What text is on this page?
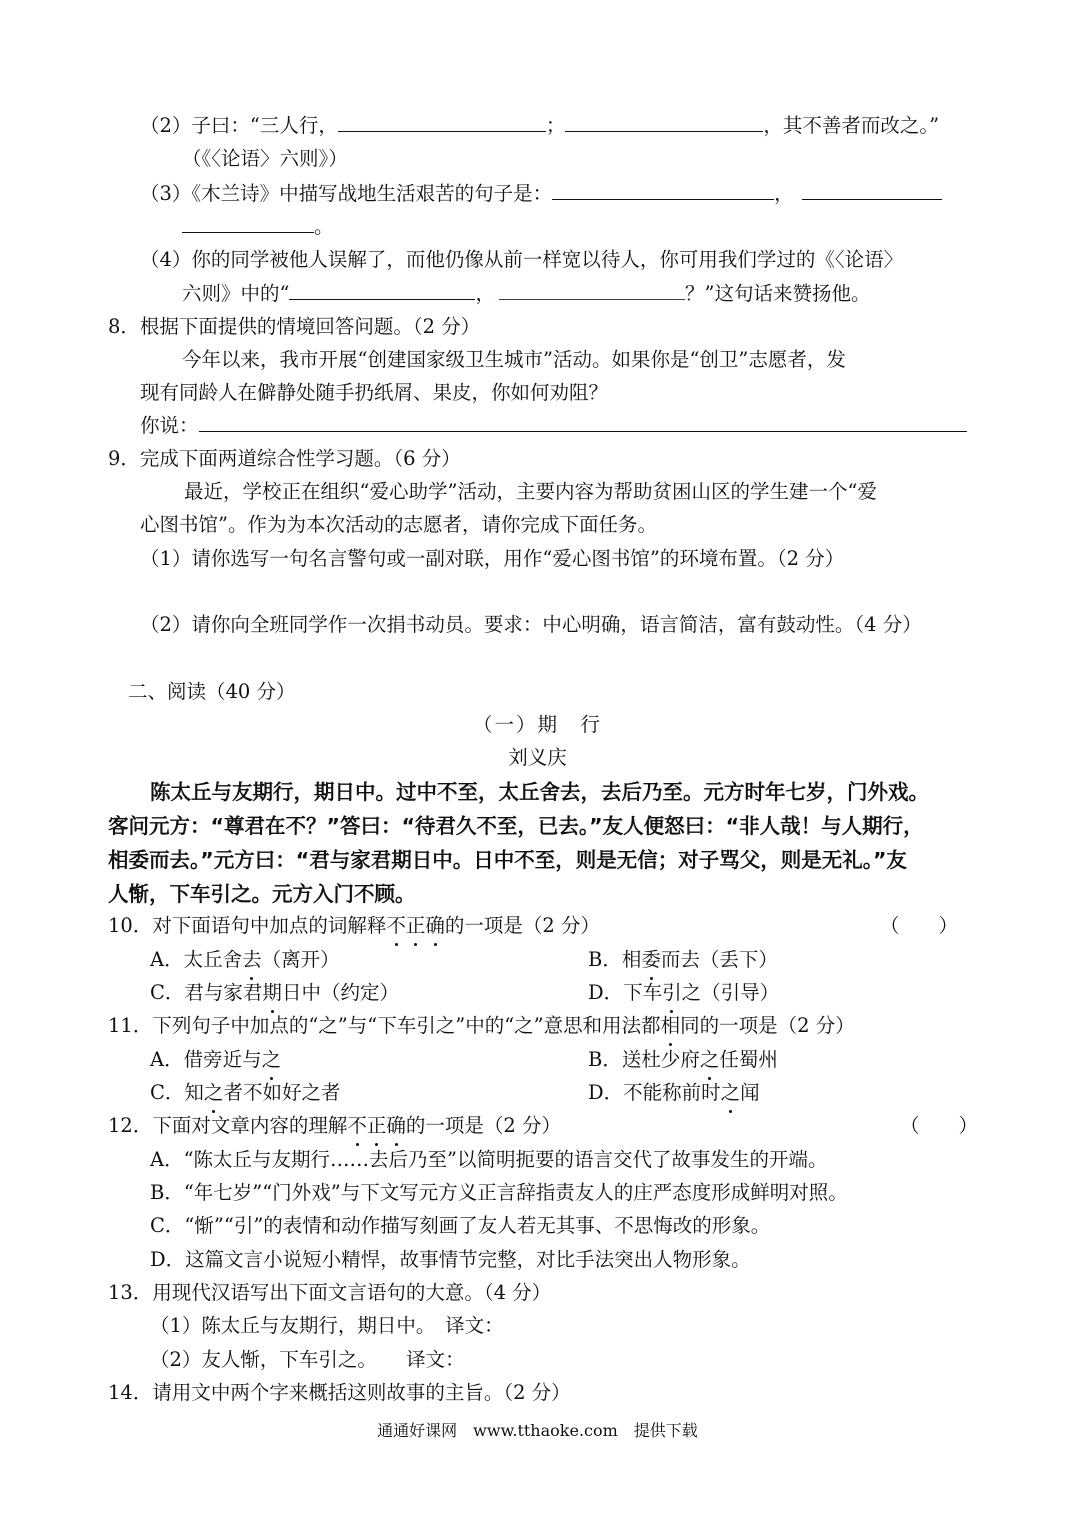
（2）子曰：“三人行，	；	，其不善者而改之。”
（《〈论语〉六则》）
（3）《木兰诗》中描写战地生活艰苦的句子是：	，
。
（4）你的同学被他人误解了，而他仍像从前一样宽以待人，你可用我们学过的《〈论语〉
六则》中的“	，	？”这句话来赞扬他。
8．根据下面提供的情境回答问题。（2 分）
今年以来，我市开展“创建国家级卫生城市”活动。如果你是“创卫”志愿者，发
现有同龄人在僻静处随手扔纸屑、果皮，你如何劝阻？
你说：
9．完成下面两道综合性学习题。（6 分）
最近，学校正在组织“爱心助学”活动，主要内容为帮助贫困山区的学生建一个“爱
心图书馆”。作为为本次活动的志愿者，请你完成下面任务。
（1）请你选写一句名言警句或一副对联，用作“爱心图书馆”的环境布置。（2 分）
（2）请你向全班同学作一次捐书动员。要求：中心明确，语言简洁，富有鼓动性。（4 分）
二、阅读（40 分）
（一）期　行
刘义庆
陈太丘与友期行，期日中。过中不至，太丘舍去，去后乃至。元方时年七岁，门外戏。
客问元方：“尊君在不？”答曰：“待君久不至，已去。”友人便怒曰：“非人哉！与人期行，
相委而去。”元方曰：“君与家君期日中。日中不至，则是无信；对子骂父，则是无礼。”友
人惭，下车引之。元方入门不顾。
10．对下面语句中加点的词解释不正确的一项是（2 分）	（　　）
A．太丘舍去（离开）	B．相委而去（丢下）
C．君与家君期日中（约定）	D．下车引之（引导）
11．下列句子中加点的“之”与“下车引之”中的“之”意思和用法都相同的一项是（2 分）
A．借旁近与之	B．送杜少府之任蜀州
C．知之者不如好之者	D．不能称前时之闻
12．下面对文章内容的理解不正确的一项是（2 分）	（　　）
A．“陈太丘与友期行……去后乃至”以简明扼要的语言交代了故事发生的开端。
B．“年七岁”“门外戏”与下文写元方义正言辞指责友人的庄严态度形成鲜明对照。
C．“惭”“引”的表情和动作描写刻画了友人若无其事、不思悔改的形象。
D．这篇文言小说短小精悍，故事情节完整，对比手法突出人物形象。
13．用现代汉语写出下面文言语句的大意。（4 分）
（1）陈太丘与友期行，期日中。　译文：
（2）友人惭，下车引之。　　译文：
14．请用文中两个字来概括这则故事的主旨。（2 分）
通通好课网　www.tthaoke.com　提供下载
